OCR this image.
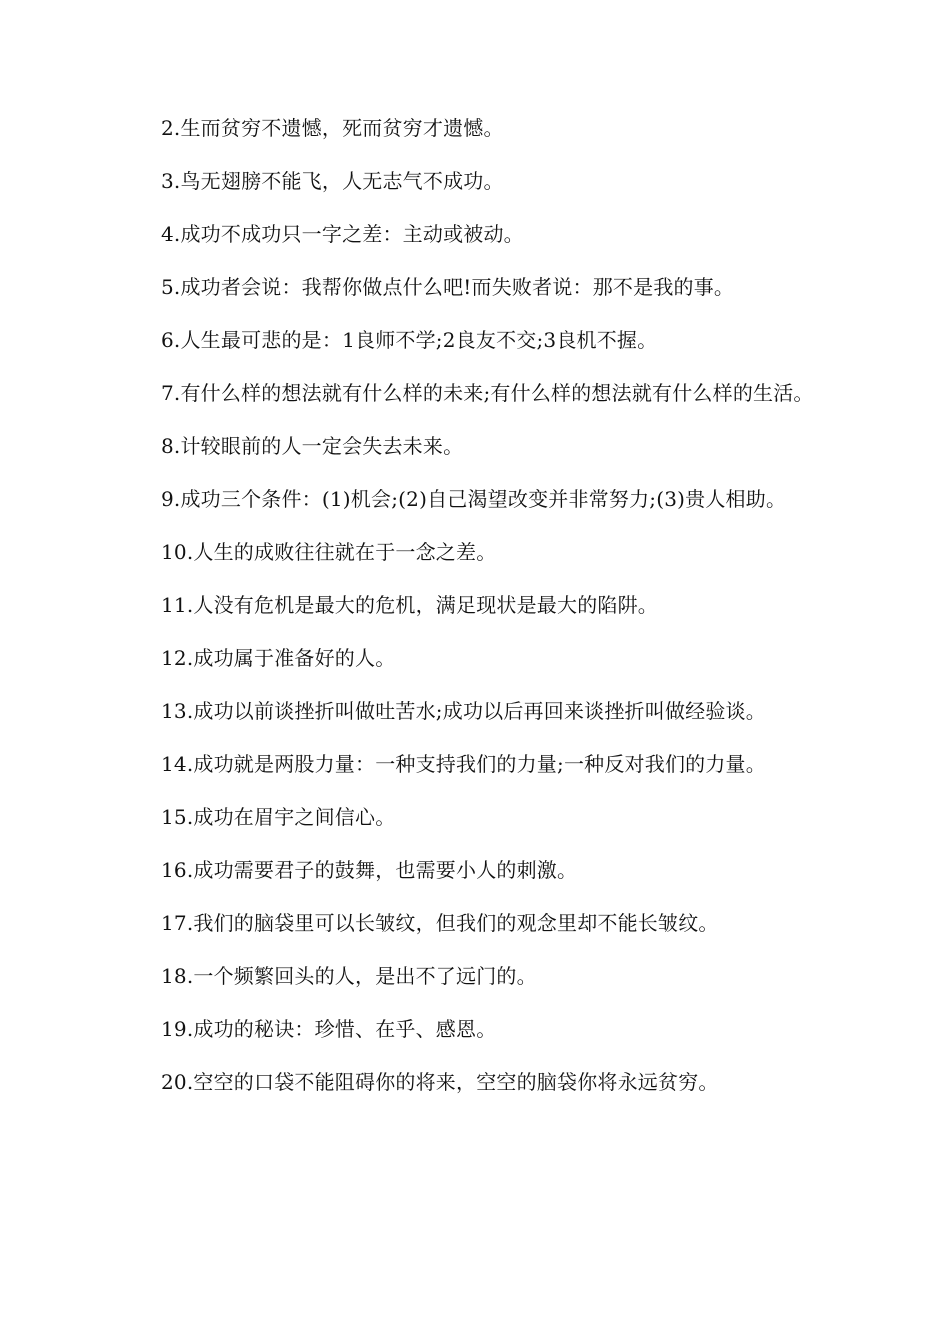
2.生而贫穷不遗憾，死而贫穷才遗憾。

3.鸟无翅膀不能飞，人无志气不成功。

4.成功不成功只一字之差：主动或被动。

5.成功者会说：我帮你做点什么吧!而失败者说：那不是我的事。

6.人生最可悲的是：1良师不学;2良友不交;3良机不握。

7.有什么样的想法就有什么样的未来;有什么样的想法就有什么样的生活。

8.计较眼前的人一定会失去未来。

9.成功三个条件：(1)机会;(2)自己渴望改变并非常努力;(3)贵人相助。

10.人生的成败往往就在于一念之差。

11.人没有危机是最大的危机，满足现状是最大的陷阱。

12.成功属于准备好的人。

13.成功以前谈挫折叫做吐苦水;成功以后再回来谈挫折叫做经验谈。

14.成功就是两股力量：一种支持我们的力量;一种反对我们的力量。

15.成功在眉宇之间信心。

16.成功需要君子的鼓舞，也需要小人的刺激。

17.我们的脑袋里可以长皱纹，但我们的观念里却不能长皱纹。

18.一个频繁回头的人，是出不了远门的。

19.成功的秘诀：珍惜、在乎、感恩。

20.空空的口袋不能阻碍你的将来，空空的脑袋你将永远贫穷。
